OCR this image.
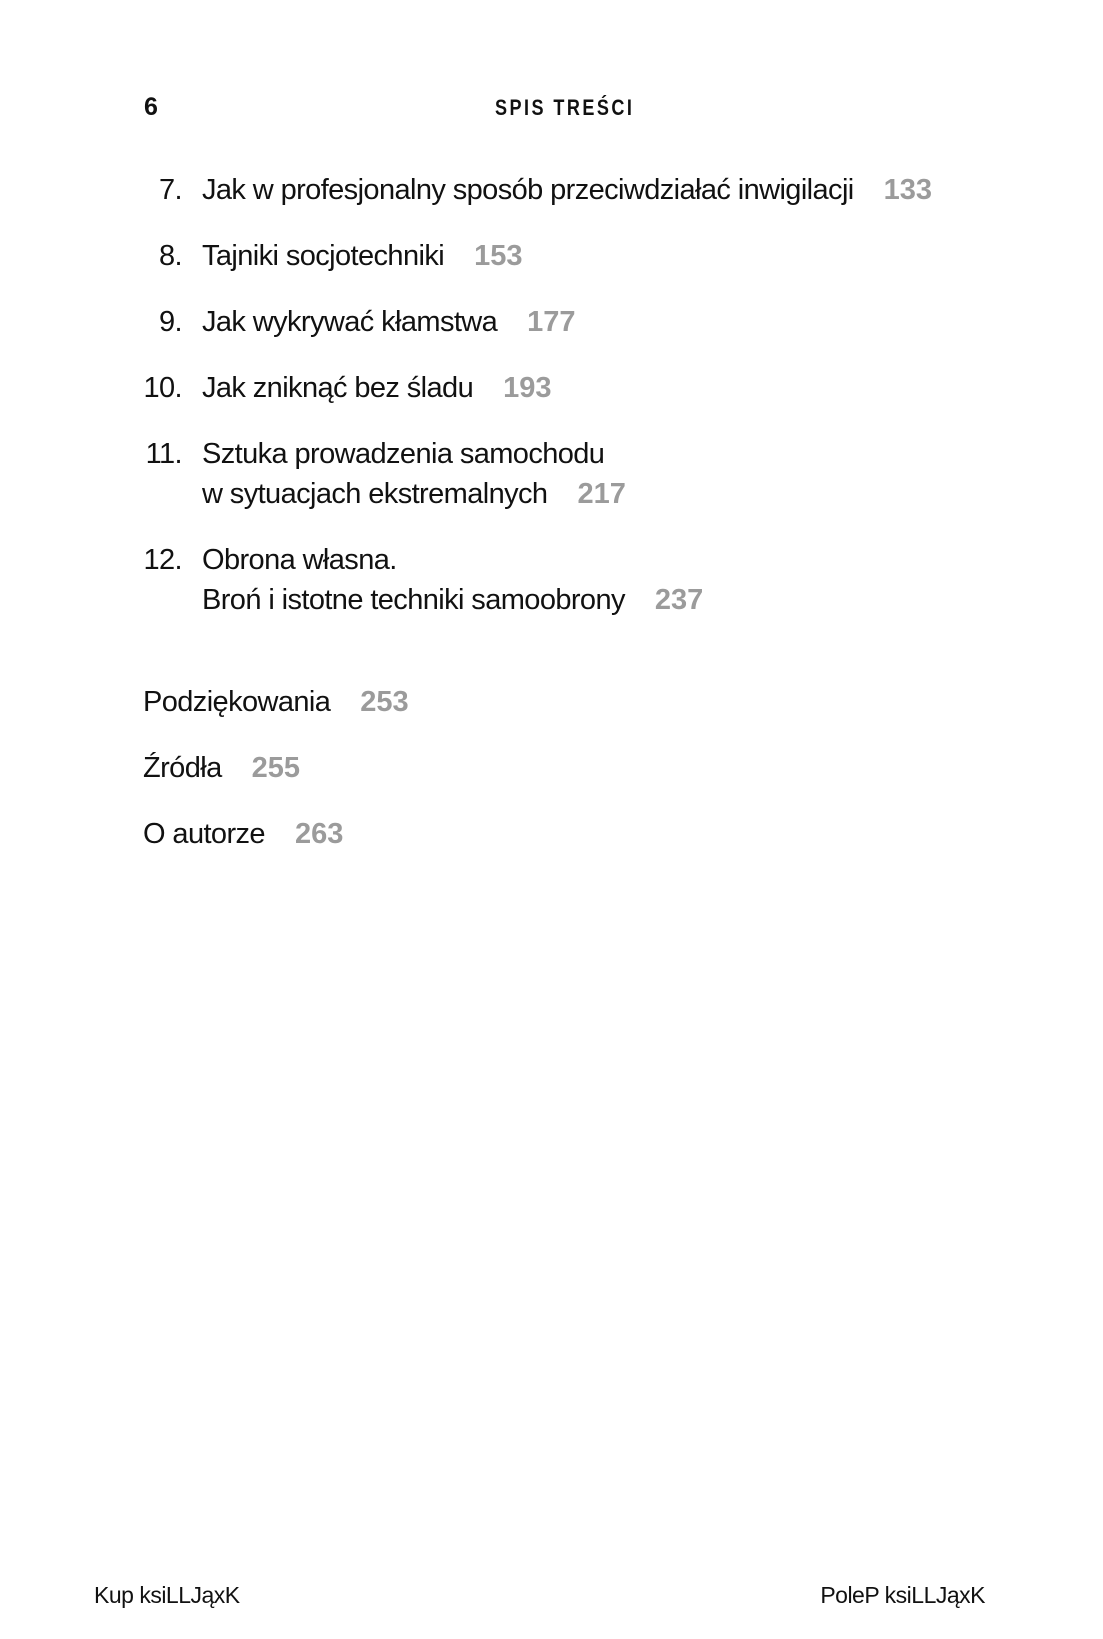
6	SPIS TREŚCI
7. Jak w profesjonalny sposób przeciwdziałać inwigilacji 133
8. Tajniki socjotechniki 153
9. Jak wykrywać kłamstwa 177
10. Jak zniknąć bez śladu 193
11. Sztuka prowadzenia samochodu
w sytuacjach ekstremalnych 217
12. Obrona własna.
Broń i istotne techniki samoobrony 237
Podziękowania 253
Źródła 255
O autorze 263
Kup ksiLLJąxK	PoleP ksiLLJąxK
